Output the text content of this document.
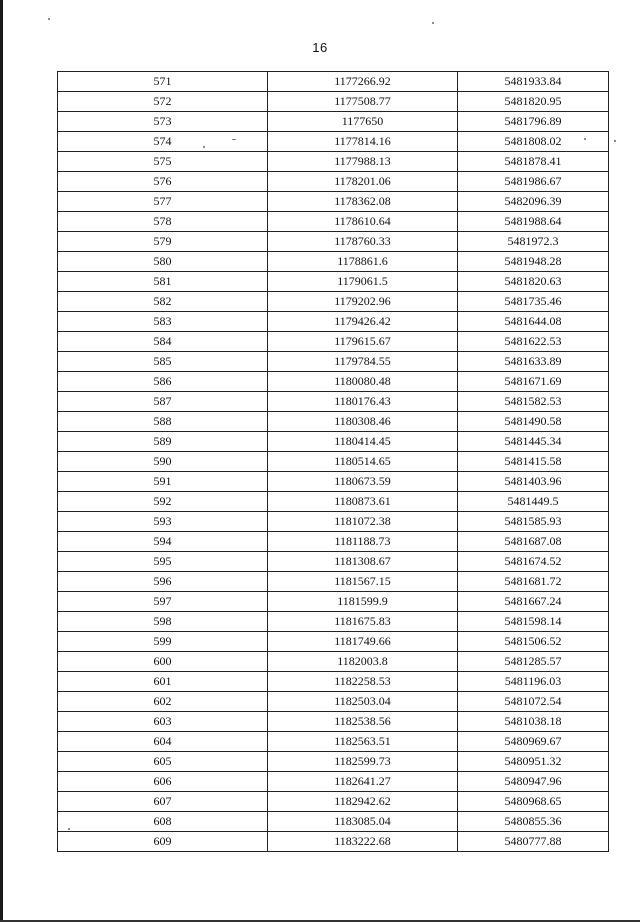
16
571	1177266.92	5481933.84
572	1177508.77	5481820.95
573	1177650	5481796.89
574	1177814.16	5481808.02
575	1177988.13	5481878.41
576	1178201.06	5481986.67
577	1178362.08	5482096.39
578	1178610.64	5481988.64
579	1178760.33	5481972.3
580	1178861.6	5481948.28
581	1179061.5	5481820.63
582	1179202.96	5481735.46
583	1179426.42	5481644.08
584	1179615.67	5481622.53
585	1179784.55	5481633.89
586	1180080.48	5481671.69
587	1180176.43	5481582.53
588	1180308.46	5481490.58
589	1180414.45	5481445.34
590	1180514.65	5481415.58
591	1180673.59	5481403.96
592	1180873.61	5481449.5
593	1181072.38	5481585.93
594	1181188.73	5481687.08
595	1181308.67	5481674.52
596	1181567.15	5481681.72
597	1181599.9	5481667.24
598	1181675.83	5481598.14
599	1181749.66	5481506.52
600	1182003.8	5481285.57
601	1182258.53	5481196.03
602	1182503.04	5481072.54
603	1182538.56	5481038.18
604	1182563.51	5480969.67
605	1182599.73	5480951.32
606	1182641.27	5480947.96
607	1182942.62	5480968.65
608	1183085.04	5480855.36
609	1183222.68	5480777.88
